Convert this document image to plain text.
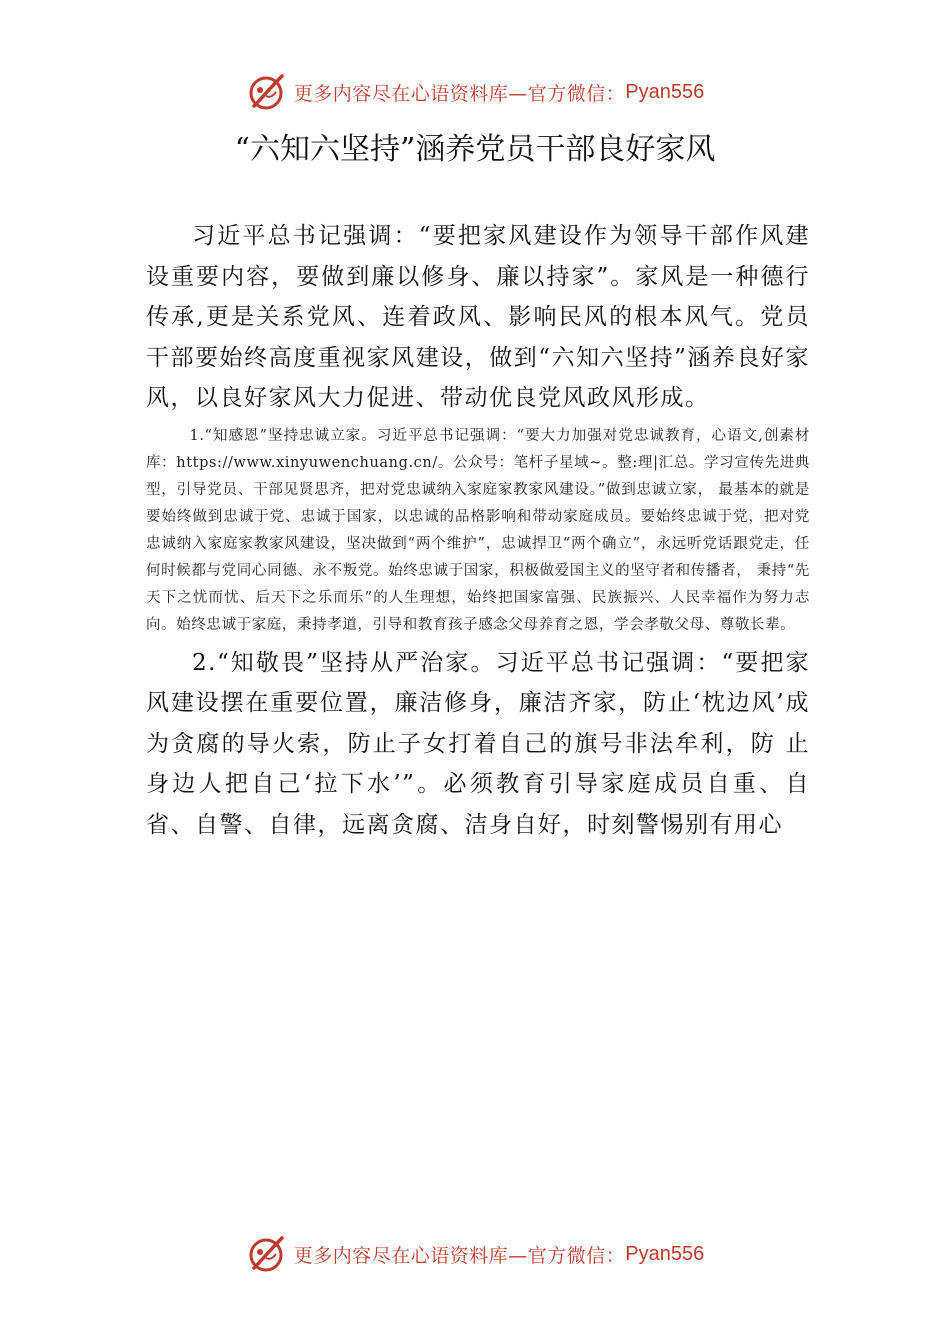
更多内容尽在心语资料库—官方微信： Pyan556
“六知六坚持”涵养党员干部良好家风

习近平总书记强调：“要把家风建设作为领导干部作风建设重要内容，要做到廉以修身、廉以持家”。家风是一种德行传承,更是关系党风、连着政风、影响民风的根本风气。党员干部要始终高度重视家风建设，做到“六知六坚持”涵养良好家风，以良好家风大力促进、带动优良党风政风形成。

1.“知感恩”坚持忠诚立家。习近平总书记强调：“要大力加强对党忠诚教育，心语文,创素材库：https://www.xinyuwenchuang.cn/。公众号：笔杆子星域~。整:理|汇总。学习宣传先进典型，引导党员、干部见贤思齐，把对党忠诚纳入家庭家教家风建设。”做到忠诚立家， 最基本的就是要始终做到忠诚于党、忠诚于国家，以忠诚的品格影响和带动家庭成员。要始终忠诚于党，把对党忠诚纳入家庭家教家风建设，坚决做到“两个维护”，忠诚捍卫“两个确立”，永远听党话跟党走，任何时候都与党同心同德、永不叛党。始终忠诚于国家，积极做爱国主义的坚守者和传播者， 秉持“先天下之忧而忧、后天下之乐而乐”的人生理想，始终把国家富强、民族振兴、人民幸福作为努力志向。始终忠诚于家庭，秉持孝道，引导和教育孩子感念父母养育之恩，学会孝敬父母、尊敬长辈。

2.“知敬畏”坚持从严治家。习近平总书记强调：“要把家风建设摆在重要位置，廉洁修身，廉洁齐家，防止‘枕边风’成为贪腐的导火索，防止子女打着自己的旗号非法牟利，防 止身边人把自己‘拉下水’”。必须教育引导家庭成员自重、自 省、自警、自律，远离贪腐、洁身自好，时刻警惕别有用心

更多内容尽在心语资料库—官方微信： Pyan556
